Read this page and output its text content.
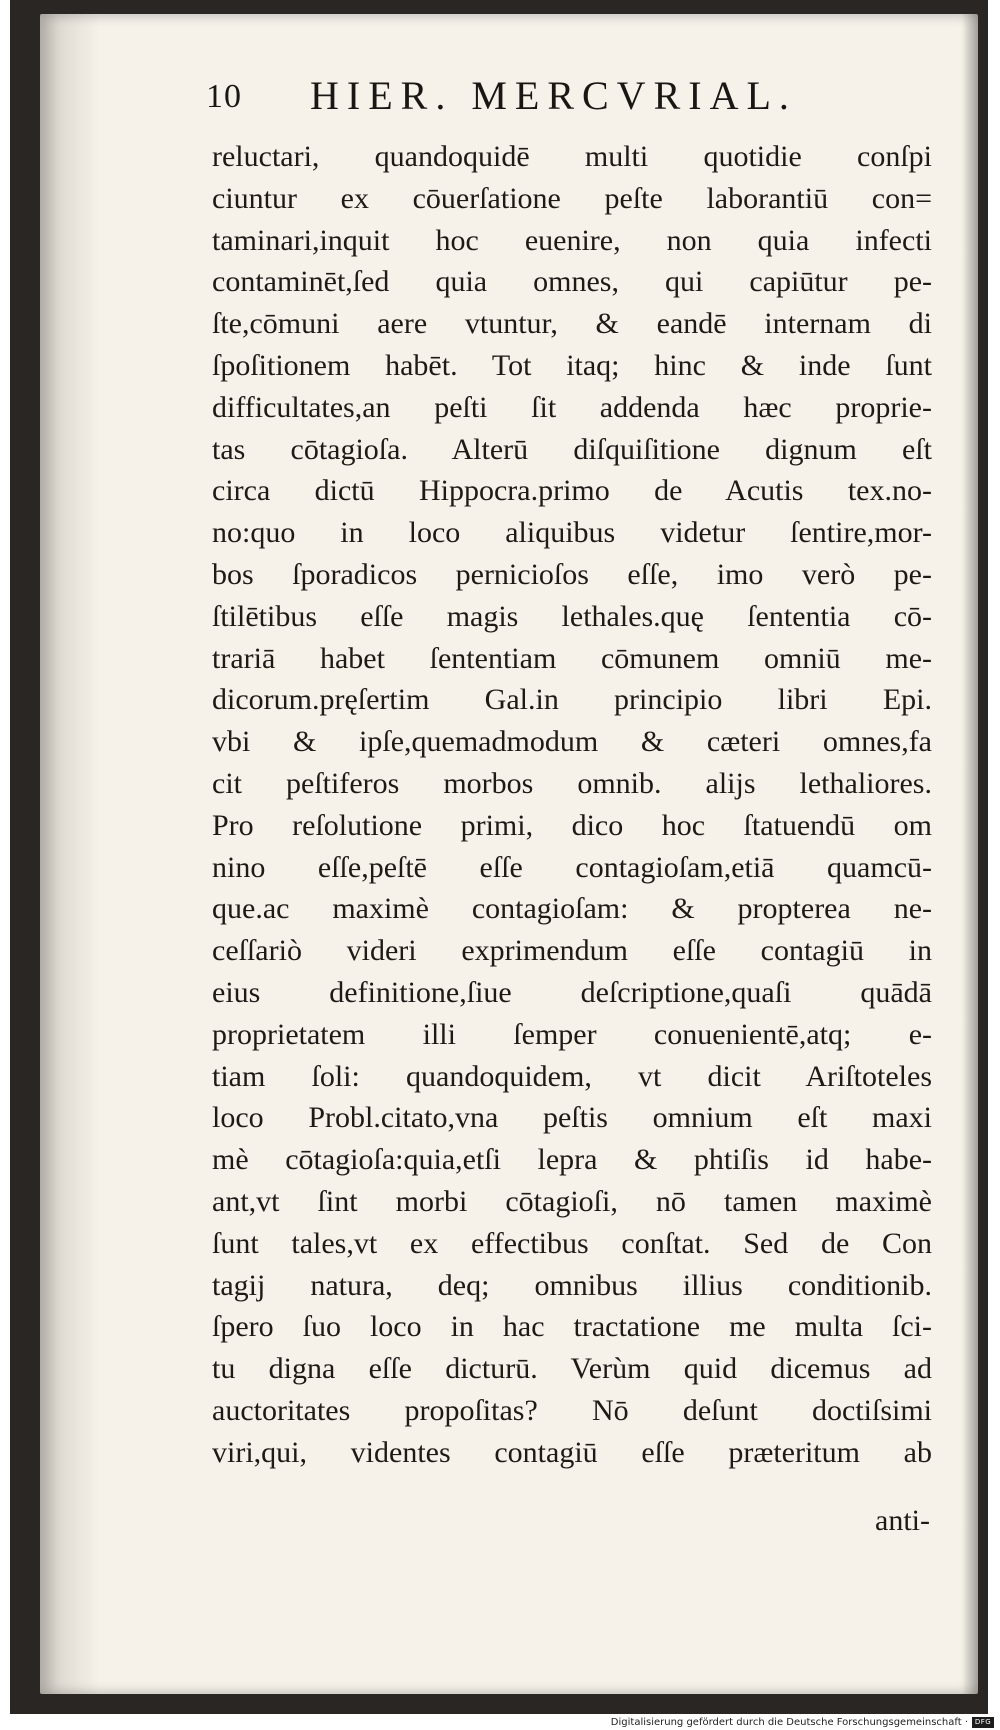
10 HIER. MERCVRIAL.
reluctari, quandoquidē multi quotidie conſpi
ciuntur ex cōuerſatione peſte laborantiū con=
taminari,inquit hoc euenire, non quia infecti
contaminēt,ſed quia omnes, qui capiūtur pe-
ſte,cōmuni aere vtuntur, & eandē internam di
ſpoſitionem habēt. Tot itaq; hinc & inde ſunt
difficultates,an peſti ſit addenda hæc proprie-
tas cōtagioſa. Alterū diſquiſitione dignum eſt
circa dictū Hippocra.primo de Acutis tex.no-
no:quo in loco aliquibus videtur ſentire,mor-
bos ſporadicos pernicioſos eſſe, imo verò pe-
ſtilētibus eſſe magis lethales.quę ſententia cō-
trariā habet ſententiam cōmunem omniū me-
dicorum.pręſertim Gal.in principio libri Epi.
vbi & ipſe,quemadmodum & cæteri omnes,fa
cit peſtiferos morbos omnib. alijs lethaliores.
Pro reſolutione primi, dico hoc ſtatuendū om
nino eſſe,peſtē eſſe contagioſam,etiā quamcū-
que.ac maximè contagioſam: & propterea ne-
ceſſariò videri exprimendum eſſe contagiū in
eius definitione,ſiue deſcriptione,quaſi quādā
proprietatem illi ſemper conuenientē,atq; e-
tiam ſoli: quandoquidem, vt dicit Ariſtoteles
loco Probl.citato,vna peſtis omnium eſt maxi
mè cōtagioſa:quia,etſi lepra & phtiſis id habe-
ant,vt ſint morbi cōtagioſi, nō tamen maximè
ſunt tales,vt ex effectibus conſtat. Sed de Con
tagij natura, deq; omnibus illius conditionib.
ſpero ſuo loco in hac tractatione me multa ſci-
tu digna eſſe dicturū. Verùm quid dicemus ad
auctoritates propoſitas? Nō deſunt doctiſsimi
viri,qui, videntes contagiū eſſe præteritum ab
anti-
Digitalisierung gefördert durch die Deutsche Forschungsgemeinschaft · DFG
